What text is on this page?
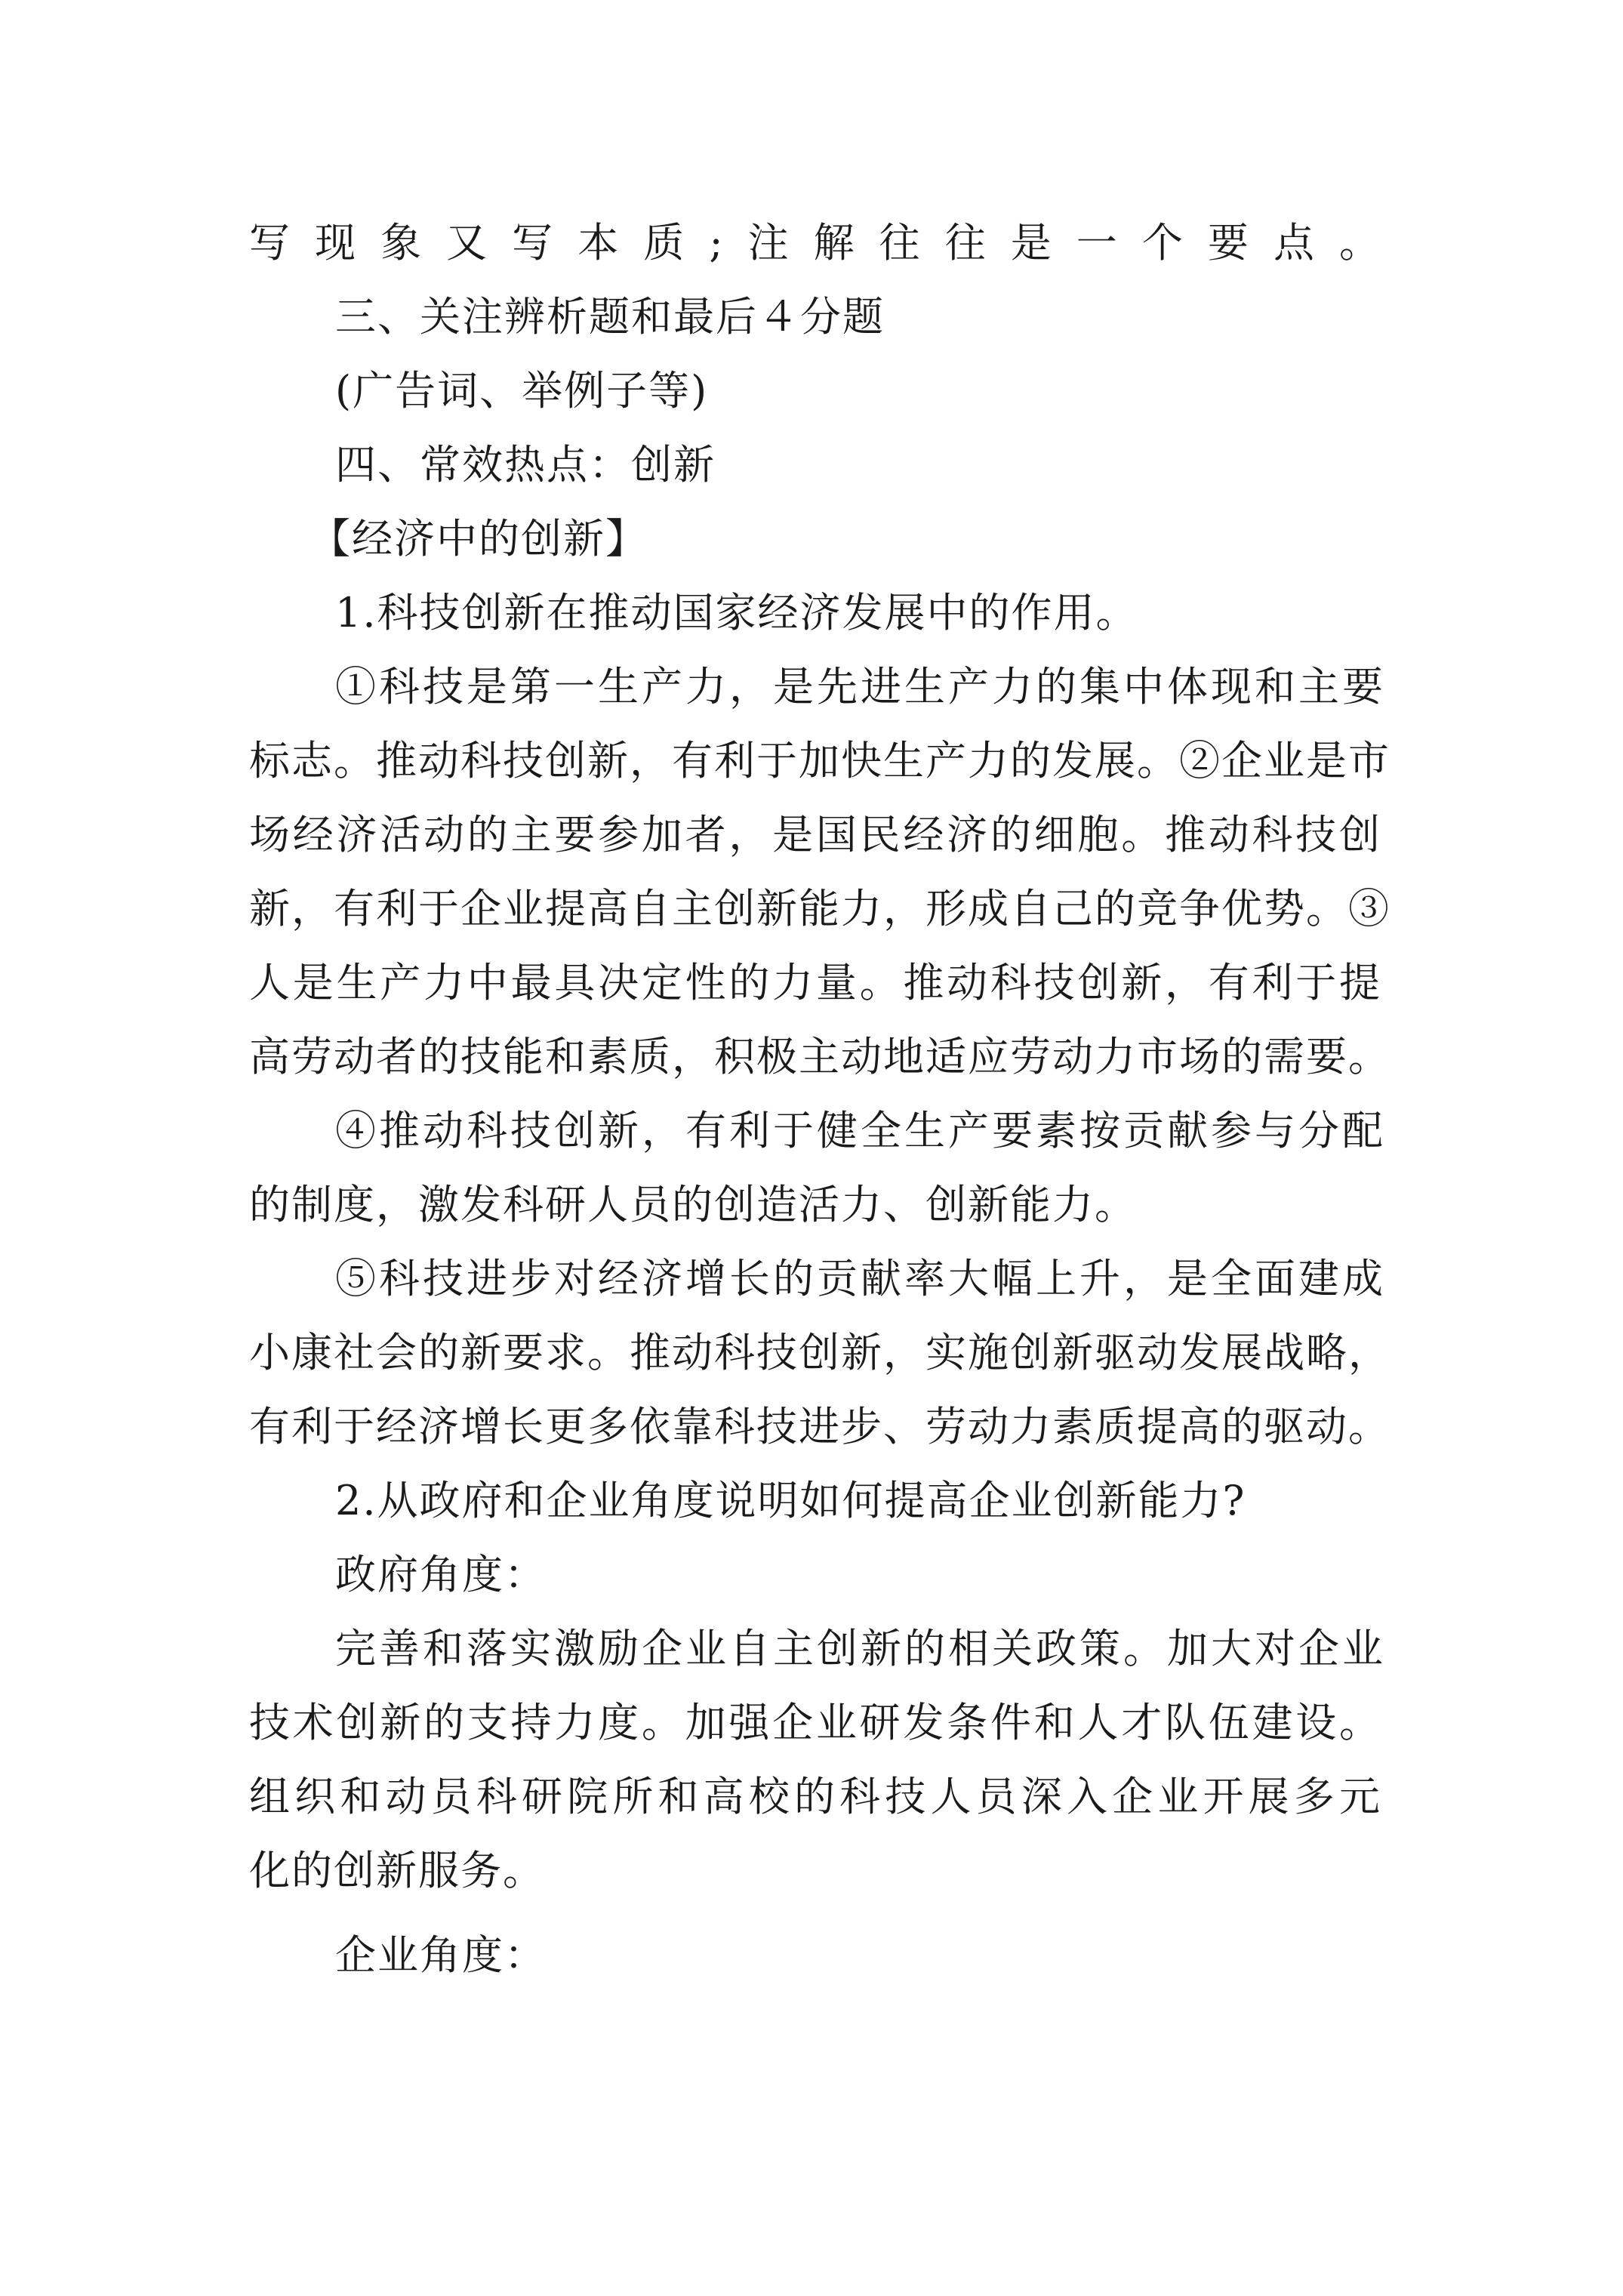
写现象又写本质;注解往往是一个要点。
三、关注辨析题和最后４分题
(广告词、举例子等)
四、常效热点：创新
【经济中的创新】
1.科技创新在推动国家经济发展中的作用。
①科技是第一生产力，是先进生产力的集中体现和主要
标志。推动科技创新，有利于加快生产力的发展。②企业是市
场经济活动的主要参加者，是国民经济的细胞。推动科技创
新，有利于企业提高自主创新能力，形成自己的竞争优势。③
人是生产力中最具决定性的力量。推动科技创新，有利于提
高劳动者的技能和素质，积极主动地适应劳动力市场的需要。
④推动科技创新，有利于健全生产要素按贡献参与分配
的制度，激发科研人员的创造活力、创新能力。
⑤科技进步对经济增长的贡献率大幅上升，是全面建成
小康社会的新要求。推动科技创新，实施创新驱动发展战略，
有利于经济增长更多依靠科技进步、劳动力素质提高的驱动。
2.从政府和企业角度说明如何提高企业创新能力?
政府角度：
完善和落实激励企业自主创新的相关政策。加大对企业
技术创新的支持力度。加强企业研发条件和人才队伍建设。
组织和动员科研院所和高校的科技人员深入企业开展多元
化的创新服务。
企业角度：
